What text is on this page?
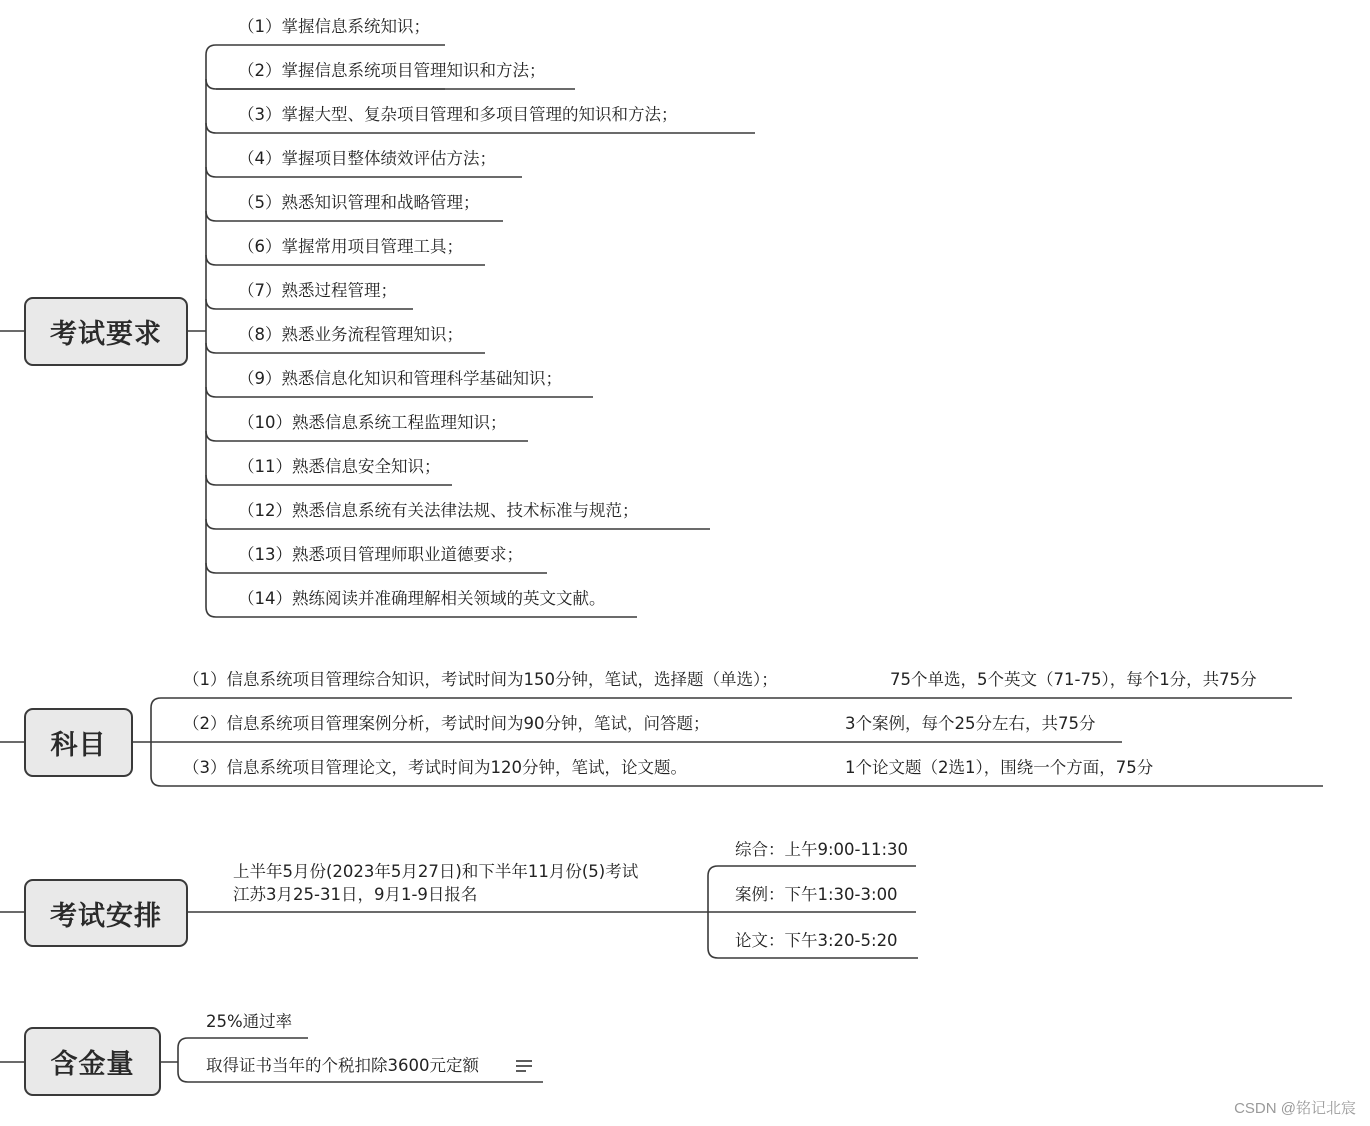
考试要求
科目
考试安排
含金量
（1）掌握信息系统知识；
（2）掌握信息系统项目管理知识和方法；
（3）掌握大型、复杂项目管理和多项目管理的知识和方法；
（4）掌握项目整体绩效评估方法；
（5）熟悉知识管理和战略管理；
（6）掌握常用项目管理工具；
（7）熟悉过程管理；
（8）熟悉业务流程管理知识；
（9）熟悉信息化知识和管理科学基础知识；
（10）熟悉信息系统工程监理知识；
（11）熟悉信息安全知识；
（12）熟悉信息系统有关法律法规、技术标准与规范；
（13）熟悉项目管理师职业道德要求；
（14）熟练阅读并准确理解相关领域的英文文献。
（1）信息系统项目管理综合知识，考试时间为150分钟，笔试，选择题（单选）；	75个单选，5个英文（71-75），每个1分，共75分
（2）信息系统项目管理案例分析，考试时间为90分钟，笔试，问答题；	3个案例，每个25分左右，共75分
（3）信息系统项目管理论文，考试时间为120分钟，笔试，论文题。	1个论文题（2选1），围绕一个方面，75分
上半年5月份(2023年5月27日)和下半年11月份(5)考试
江苏3月25-31日，9月1-9日报名
综合：上午9:00-11:30
案例：下午1:30-3:00
论文：下午3:20-5:20
25%通过率
取得证书当年的个税扣除3600元定额
CSDN @铭记北宸
